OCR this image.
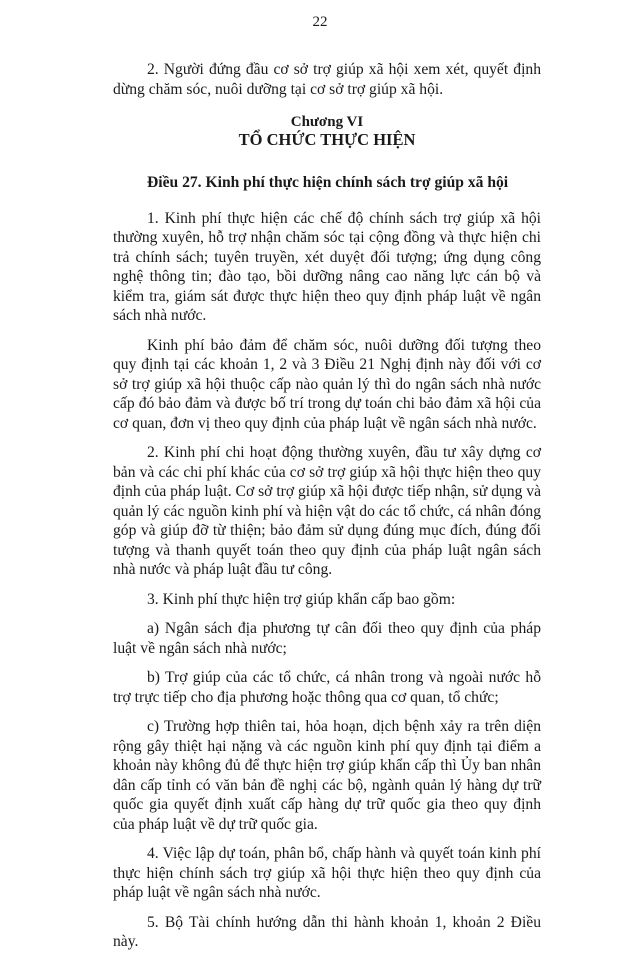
22

2. Người đứng đầu cơ sở trợ giúp xã hội xem xét, quyết định dừng chăm sóc, nuôi dưỡng tại cơ sở trợ giúp xã hội.

Chương VI
TỔ CHỨC THỰC HIỆN
Điều 27. Kinh phí thực hiện chính sách trợ giúp xã hội

1. Kinh phí thực hiện các chế độ chính sách trợ giúp xã hội thường xuyên, hỗ trợ nhận chăm sóc tại cộng đồng và thực hiện chi trả chính sách; tuyên truyền, xét duyệt đối tượng; ứng dụng công nghệ thông tin; đào tạo, bồi dưỡng nâng cao năng lực cán bộ và kiểm tra, giám sát được thực hiện theo quy định pháp luật về ngân sách nhà nước.

Kinh phí bảo đảm để chăm sóc, nuôi dưỡng đối tượng theo quy định tại các khoản 1, 2 và 3 Điều 21 Nghị định này đối với cơ sở trợ giúp xã hội thuộc cấp nào quản lý thì do ngân sách nhà nước cấp đó bảo đảm và được bố trí trong dự toán chi bảo đảm xã hội của cơ quan, đơn vị theo quy định của pháp luật về ngân sách nhà nước.

2. Kinh phí chi hoạt động thường xuyên, đầu tư xây dựng cơ bản và các chi phí khác của cơ sở trợ giúp xã hội thực hiện theo quy định của pháp luật. Cơ sở trợ giúp xã hội được tiếp nhận, sử dụng và quản lý các nguồn kinh phí và hiện vật do các tổ chức, cá nhân đóng góp và giúp đỡ từ thiện; bảo đảm sử dụng đúng mục đích, đúng đối tượng và thanh quyết toán theo quy định của pháp luật ngân sách nhà nước và pháp luật đầu tư công.

3. Kinh phí thực hiện trợ giúp khẩn cấp bao gồm:

a) Ngân sách địa phương tự cân đối theo quy định của pháp luật về ngân sách nhà nước;

b) Trợ giúp của các tổ chức, cá nhân trong và ngoài nước hỗ trợ trực tiếp cho địa phương hoặc thông qua cơ quan, tổ chức;

c) Trường hợp thiên tai, hỏa hoạn, dịch bệnh xảy ra trên diện rộng gây thiệt hại nặng và các nguồn kinh phí quy định tại điểm a khoản này không đủ để thực hiện trợ giúp khẩn cấp thì Ủy ban nhân dân cấp tỉnh có văn bản đề nghị các bộ, ngành quản lý hàng dự trữ quốc gia quyết định xuất cấp hàng dự trữ quốc gia theo quy định của pháp luật về dự trữ quốc gia.

4. Việc lập dự toán, phân bổ, chấp hành và quyết toán kinh phí thực hiện chính sách trợ giúp xã hội thực hiện theo quy định của pháp luật về ngân sách nhà nước.

5. Bộ Tài chính hướng dẫn thi hành khoản 1, khoản 2 Điều này.
